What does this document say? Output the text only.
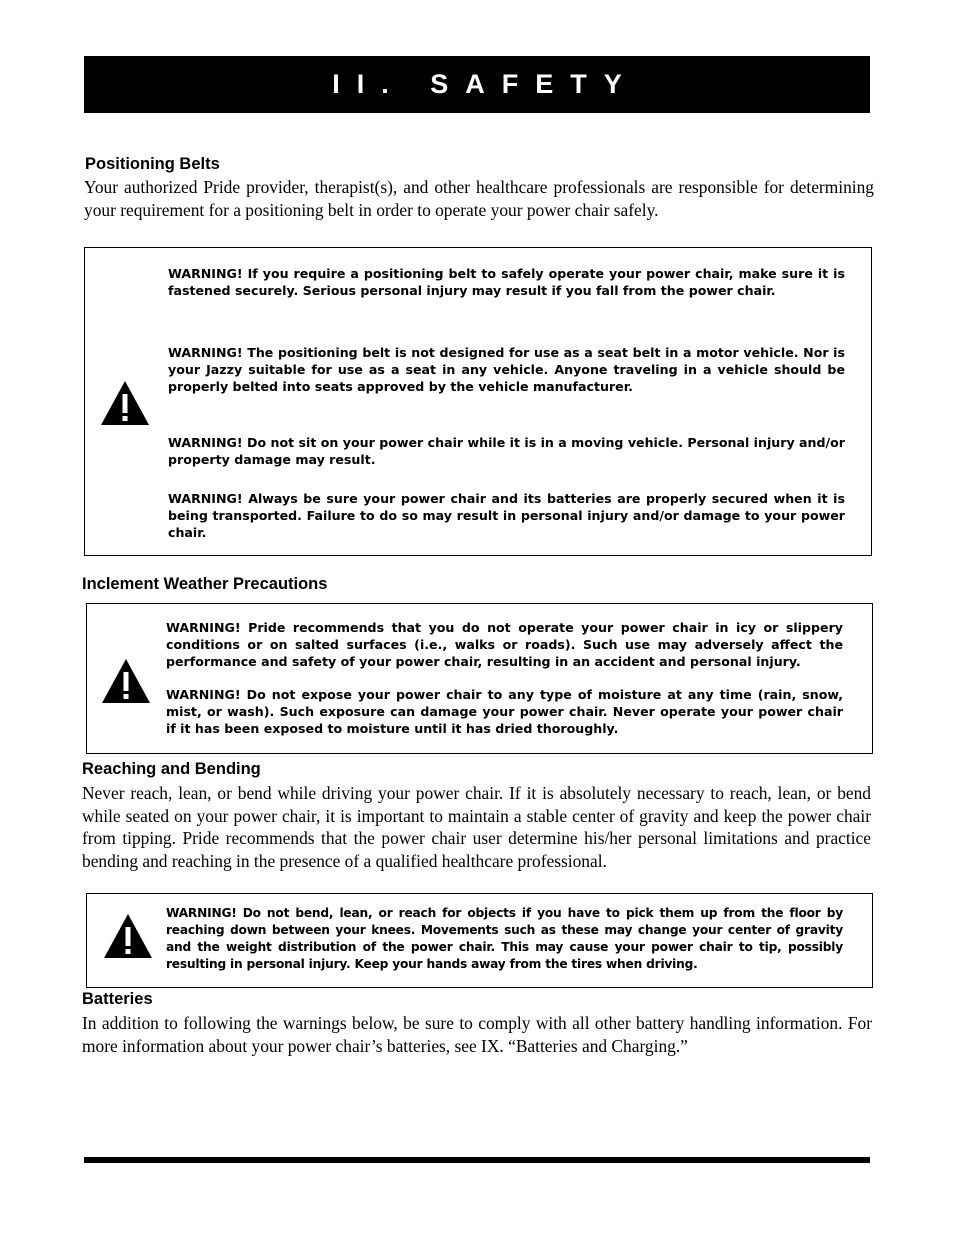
II. SAFETY
Positioning Belts

Your authorized Pride provider, therapist(s), and other healthcare professionals are responsible for determining your requirement for a positioning belt in order to operate your power chair safely.

WARNING! If you require a positioning belt to safely operate your power chair, make sure it is fastened securely. Serious personal injury may result if you fall from the power chair.

WARNING! The positioning belt is not designed for use as a seat belt in a motor vehicle. Nor is your Jazzy suitable for use as a seat in any vehicle. Anyone traveling in a vehicle should be properly belted into seats approved by the vehicle manufacturer.

WARNING! Do not sit on your power chair while it is in a moving vehicle. Personal injury and/or property damage may result.

WARNING! Always be sure your power chair and its batteries are properly secured when it is being transported. Failure to do so may result in personal injury and/or damage to your power chair.

Inclement Weather Precautions

WARNING! Pride recommends that you do not operate your power chair in icy or slippery conditions or on salted surfaces (i.e., walks or roads). Such use may adversely affect the performance and safety of your power chair, resulting in an accident and personal injury.

WARNING! Do not expose your power chair to any type of moisture at any time (rain, snow, mist, or wash). Such exposure can damage your power chair. Never operate your power chair if it has been exposed to moisture until it has dried thoroughly.

Reaching and Bending

Never reach, lean, or bend while driving your power chair. If it is absolutely necessary to reach, lean, or bend while seated on your power chair, it is important to maintain a stable center of gravity and keep the power chair from tipping. Pride recommends that the power chair user determine his/her personal limitations and practice bending and reaching in the presence of a qualified healthcare professional.

WARNING! Do not bend, lean, or reach for objects if you have to pick them up from the floor by reaching down between your knees. Movements such as these may change your center of gravity and the weight distribution of the power chair. This may cause your power chair to tip, possibly resulting in personal injury. Keep your hands away from the tires when driving.

Batteries

In addition to following the warnings below, be sure to comply with all other battery handling information. For more information about your power chair’s batteries, see IX. “Batteries and Charging.”
